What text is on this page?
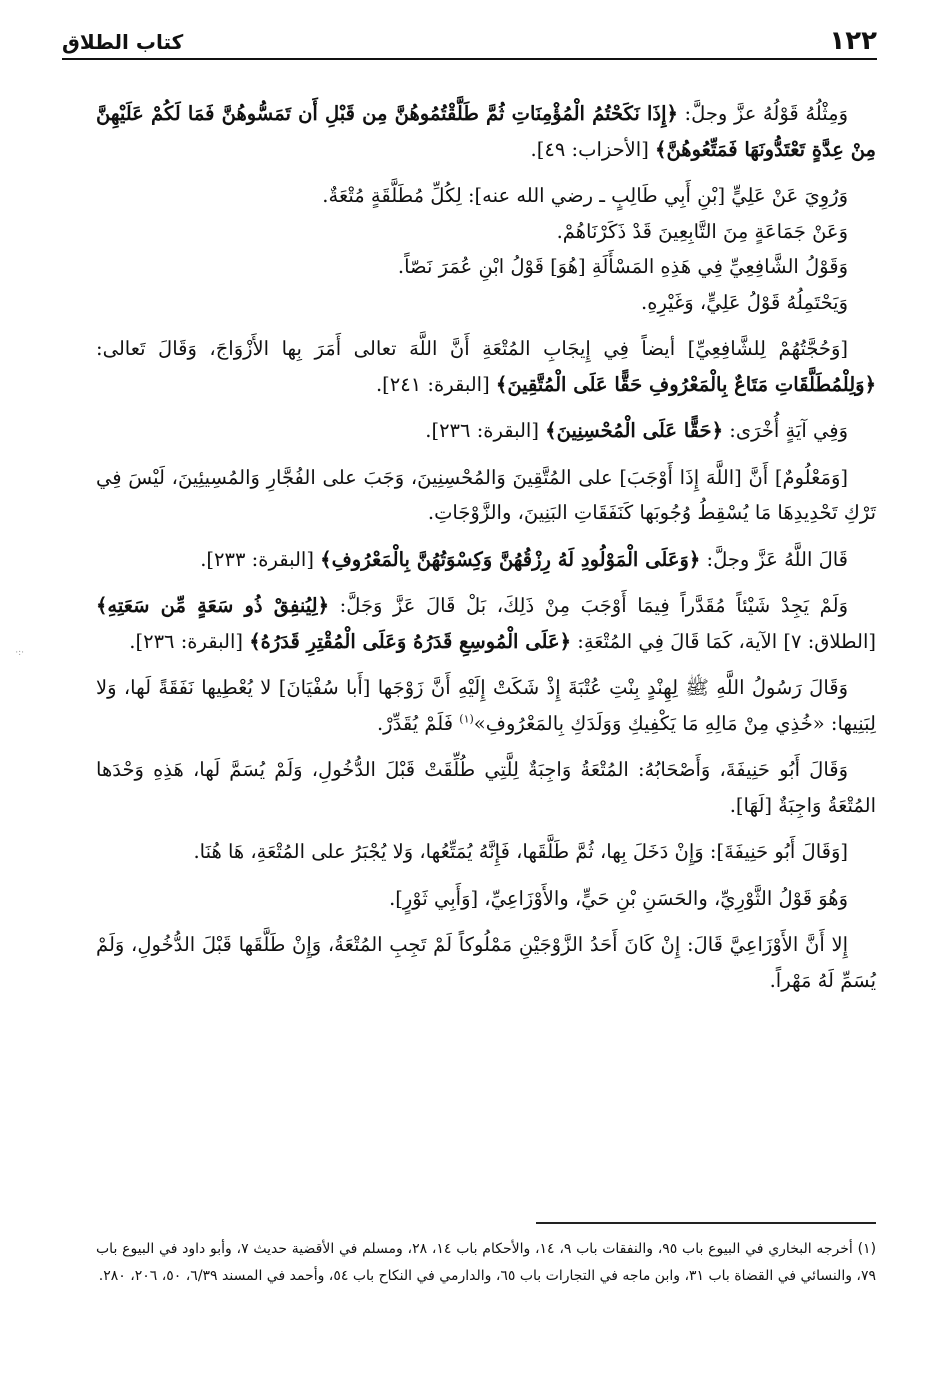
١٢٢
كتاب الطلاق

وَمِثْلُهُ قَوْلُهُ عزَّ وجلَّ: ﴿إِذَا نَكَحْتُمُ الْمُؤْمِنَاتِ ثُمَّ طَلَّقْتُمُوهُنَّ مِن قَبْلِ أَن تَمَسُّوهُنَّ فَمَا لَكُمْ عَلَيْهِنَّ مِنْ عِدَّةٍ تَعْتَدُّونَهَا فَمَتِّعُوهُنَّ﴾ [الأحزاب: ٤٩].

وَرُوِيَ عَنْ عَلِيٍّ [بْنِ أَبِي طَالِبٍ ـ رضي الله عنه]: لِكُلِّ مُطَلَّقَةٍ مُتْعَةٌ.

وَعَنْ جَمَاعَةٍ مِنَ التَّابِعِينَ قَدْ ذَكَرْنَاهُمْ.

وَقَوْلُ الشَّافِعِيِّ فِي هَذِهِ المَسْأَلَةِ [هُوَ] قَوْلُ ابْنِ عُمَرَ نَصّاً.

وَيَحْتَمِلُهُ قَوْلُ عَلِيٍّ، وَغَيْرِهِ.

[وَحُجَّتُهُمْ لِلشَّافِعِيِّ] أيضاً فِي إِيجَابِ المُتْعَةِ أَنَّ اللَّهَ تعالى أَمَرَ بِها الأَزْوَاجَ، وَقَالَ تَعالى: ﴿وَلِلْمُطَلَّقَاتِ مَتَاعٌ بِالْمَعْرُوفِ حَقًّا عَلَى الْمُتَّقِينَ﴾ [البقرة: ٢٤١].

وَفِي آيَةٍ أُخْرَى: ﴿حَقًّا عَلَى الْمُحْسِنِينَ﴾ [البقرة: ٢٣٦].

[وَمَعْلُومٌ] أَنَّ [اللَّهَ إِذَا أَوْجَبَ] على المُتَّقِينَ وَالمُحْسِنِينَ، وَجَبَ على الفُجَّارِ وَالمُسِيئِينَ، لَيْسَ فِي تَرْكِ تَحْدِيدِهَا مَا يُسْقِطُ وُجُوبَها كَنَفَقَاتِ البَنِينَ، والزَّوْجَاتِ.

قَالَ اللَّهُ عَزَّ وجلَّ: ﴿وَعَلَى الْمَوْلُودِ لَهُ رِزْقُهُنَّ وَكِسْوَتُهُنَّ بِالْمَعْرُوفِ﴾ [البقرة: ٢٣٣].

وَلَمْ يَجِدْ شَيْئاً مُقَدَّراً فِيمَا أَوْجَبَ مِنْ ذَلِكَ، بَلْ قَالَ عَزَّ وَجَلَّ: ﴿لِيُنفِقْ ذُو سَعَةٍ مِّن سَعَتِهِ﴾ [الطلاق: ٧] الآية، كَمَا قَالَ فِي المُتْعَةِ: ﴿عَلَى الْمُوسِعِ قَدَرُهُ وَعَلَى الْمُقْتِرِ قَدَرُهُ﴾ [البقرة: ٢٣٦].

وَقَالَ رَسُولُ اللَّهِ ﷺ لِهِنْدٍ بِنْتِ عُتْبَةَ إِذْ شَكَتْ إِلَيْهِ أَنَّ زَوْجَها [أَبا سُفْيَانَ] لا يُعْطِيها نَفَقَةً لَها، وَلا لِبَنِيها: «خُذِي مِنْ مَالِهِ مَا يَكْفِيكِ وَوَلَدَكِ بِالمَعْرُوفِ»$^{(١)}$ فَلَمْ يُقَدِّرْ.

وَقَالَ أَبُو حَنِيفَةَ، وَأَصْحَابُهُ: المُتْعَةُ وَاجِبَةٌ لِلَّتِي طُلِّقَتْ قَبْلَ الدُّخُولِ، وَلَمْ يُسَمَّ لَها، هَذِهِ وَحْدَها المُتْعَةُ وَاجِبَةٌ [لَهَا].

[وَقَالَ أَبُو حَنِيفَةَ]: وَإِنْ دَخَلَ بِها، ثُمَّ طَلَّقَها، فَإِنَّهُ يُمَتِّعُها، وَلا يُجْبَرُ على المُتْعَةِ، هَا هُنَا.

وَهُوَ قَوْلُ الثَّوْرِيِّ، والحَسَنِ بْنِ حَيٍّ، والأَوْزَاعِيِّ، [وَأَبِي ثَوْرٍ].

إِلا أَنَّ الأَوْزَاعِيَّ قَالَ: إِنْ كَانَ أَحَدُ الزَّوْجَيْنِ مَمْلُوكاً لَمْ تَجِبِ المُتْعَةُ، وَإِنْ طَلَّقَها قَبْلَ الدُّخُولِ، وَلَمْ يُسَمِّ لَهُ مَهْراً.

(١) أخرجه البخاري في البيوع باب ٩٥، والنفقات باب ٩، ١٤، والأحكام باب ١٤، ٢٨، ومسلم في الأقضية حديث ٧، وأبو داود في البيوع باب ٧٩، والنسائي في القضاة باب ٣١، وابن ماجه في التجارات باب ٦٥، والدارمي في النكاح باب ٥٤، وأحمد في المسند ٦/٣٩، ٥٠، ٢٠٦، ٢٨٠.
·:·
